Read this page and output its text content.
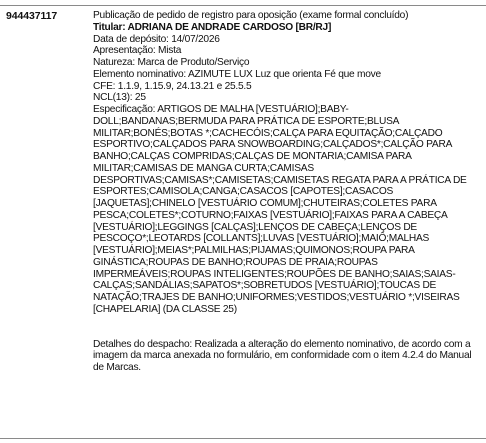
944437117	Publicação de pedido de registro para oposição (exame formal concluído)
Titular: ADRIANA DE ANDRADE CARDOSO [BR/RJ]
Data de depósito: 14/07/2026
Apresentação: Mista
Natureza: Marca de Produto/Serviço
Elemento nominativo: AZIMUTE LUX Luz que orienta Fé que move
CFE: 1.1.9, 1.15.9, 24.13.21 e 25.5.5
NCL(13): 25
Especificação: ARTIGOS DE MALHA [VESTUÁRIO];BABY-DOLL;BANDANAS;BERMUDA PARA PRÁTICA DE ESPORTE;BLUSA MILITAR;BONÉS;BOTAS *;CACHECÓIS;CALÇA PARA EQUITAÇÃO;CALÇADO ESPORTIVO;CALÇADOS PARA SNOWBOARDING;CALÇADOS*;CALÇÃO PARA BANHO;CALÇAS COMPRIDAS;CALÇAS DE MONTARIA;CAMISA PARA MILITAR;CAMISAS DE MANGA CURTA;CAMISAS DESPORTIVAS;CAMISAS*;CAMISETAS;CAMISETAS REGATA PARA A PRÁTICA DE ESPORTES;CAMISOLA;CANGA;CASACOS [CAPOTES];CASACOS [JAQUETAS];CHINELO [VESTUÁRIO COMUM];CHUTEIRAS;COLETES PARA PESCA;COLETES*;COTURNO;FAIXAS [VESTUÁRIO];FAIXAS PARA A CABEÇA [VESTUÁRIO];LEGGINGS [CALÇAS];LENÇOS DE CABEÇA;LENÇOS DE PESCOÇO*;LEOTARDS [COLLANTS];LUVAS [VESTUÁRIO];MAIÔ;MALHAS [VESTUÁRIO];MEIAS*;PALMILHAS;PIJAMAS;QUIMONOS;ROUPA PARA GINÁSTICA;ROUPAS DE BANHO;ROUPAS DE PRAIA;ROUPAS IMPERMEÁVEIS;ROUPAS INTELIGENTES;ROUPÕES DE BANHO;SAIAS;SAIAS-CALÇAS;SANDÁLIAS;SAPATOS*;SOBRETUDOS [VESTUÁRIO];TOUCAS DE NATAÇÃO;TRAJES DE BANHO;UNIFORMES;VESTIDOS;VESTUÁRIO *;VISEIRAS [CHAPELARIA] (DA CLASSE 25)
Detalhes do despacho: Realizada a alteração do elemento nominativo, de acordo com a imagem da marca anexada no formulário, em conformidade com o item 4.2.4 do Manual de Marcas.
